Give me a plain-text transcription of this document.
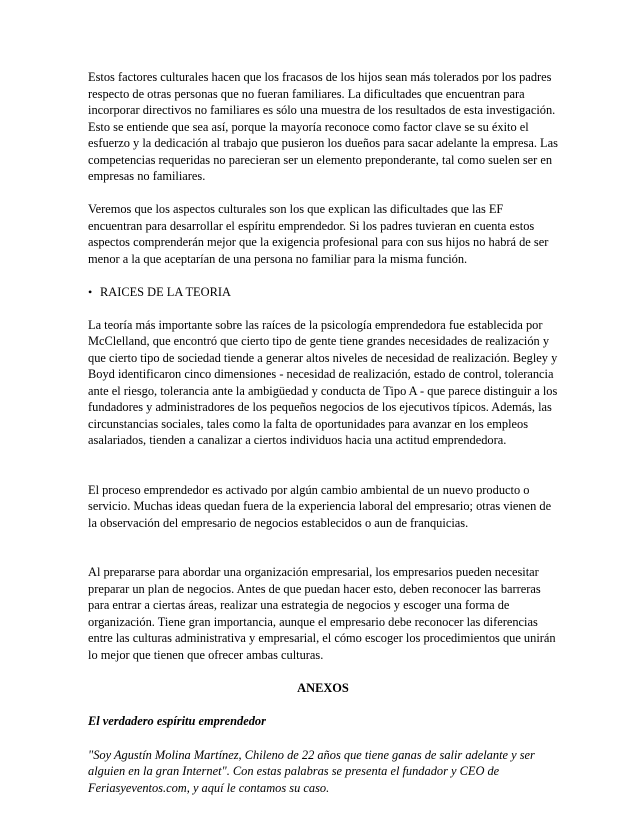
Estos factores culturales hacen que los fracasos de los hijos sean más tolerados por los padres respecto de otras personas que no fueran familiares. La dificultades que encuentran para incorporar directivos no familiares es sólo una muestra de los resultados de esta investigación. Esto se entiende que sea así, porque la mayoría reconoce como factor clave se su éxito el esfuerzo y la dedicación al trabajo que pusieron los dueños para sacar adelante la empresa. Las competencias requeridas no parecieran ser un elemento preponderante, tal como suelen ser en empresas no familiares.

Veremos que los aspectos culturales son los que explican las dificultades que las EF encuentran para desarrollar el espíritu emprendedor. Si los padres tuvieran en cuenta estos aspectos comprenderán mejor que la exigencia profesional para con sus hijos no habrá de ser menor a la que aceptarían de una persona no familiar para la misma función.

• RAICES DE LA TEORIA

La teoría más importante sobre las raíces de la psicología emprendedora fue establecida por McClelland, que encontró que cierto tipo de gente tiene grandes necesidades de realización y que cierto tipo de sociedad tiende a generar altos niveles de necesidad de realización. Begley y Boyd identificaron cinco dimensiones - necesidad de realización, estado de control, tolerancia ante el riesgo, tolerancia ante la ambigüedad y conducta de Tipo A - que parece distinguir a los fundadores y administradores de los pequeños negocios de los ejecutivos típicos. Además, las circunstancias sociales, tales como la falta de oportunidades para avanzar en los empleos asalariados, tienden a canalizar a ciertos individuos hacia una actitud emprendedora.

El proceso emprendedor es activado por algún cambio ambiental de un nuevo producto o servicio. Muchas ideas quedan fuera de la experiencia laboral del empresario; otras vienen de la observación del empresario de negocios establecidos o aun de franquicias.

Al prepararse para abordar una organización empresarial, los empresarios pueden necesitar preparar un plan de negocios. Antes de que puedan hacer esto, deben reconocer las barreras para entrar a ciertas áreas, realizar una estrategia de negocios y escoger una forma de organización. Tiene gran importancia, aunque el empresario debe reconocer las diferencias entre las culturas administrativa y empresarial, el cómo escoger los procedimientos que unirán lo mejor que tienen que ofrecer ambas culturas.

ANEXOS

El verdadero espíritu emprendedor

"Soy Agustín Molina Martínez, Chileno de 22 años que tiene ganas de salir adelante y ser alguien en la gran Internet". Con estas palabras se presenta el fundador y CEO de Feriasyeventos.com, y aquí le contamos su caso.
